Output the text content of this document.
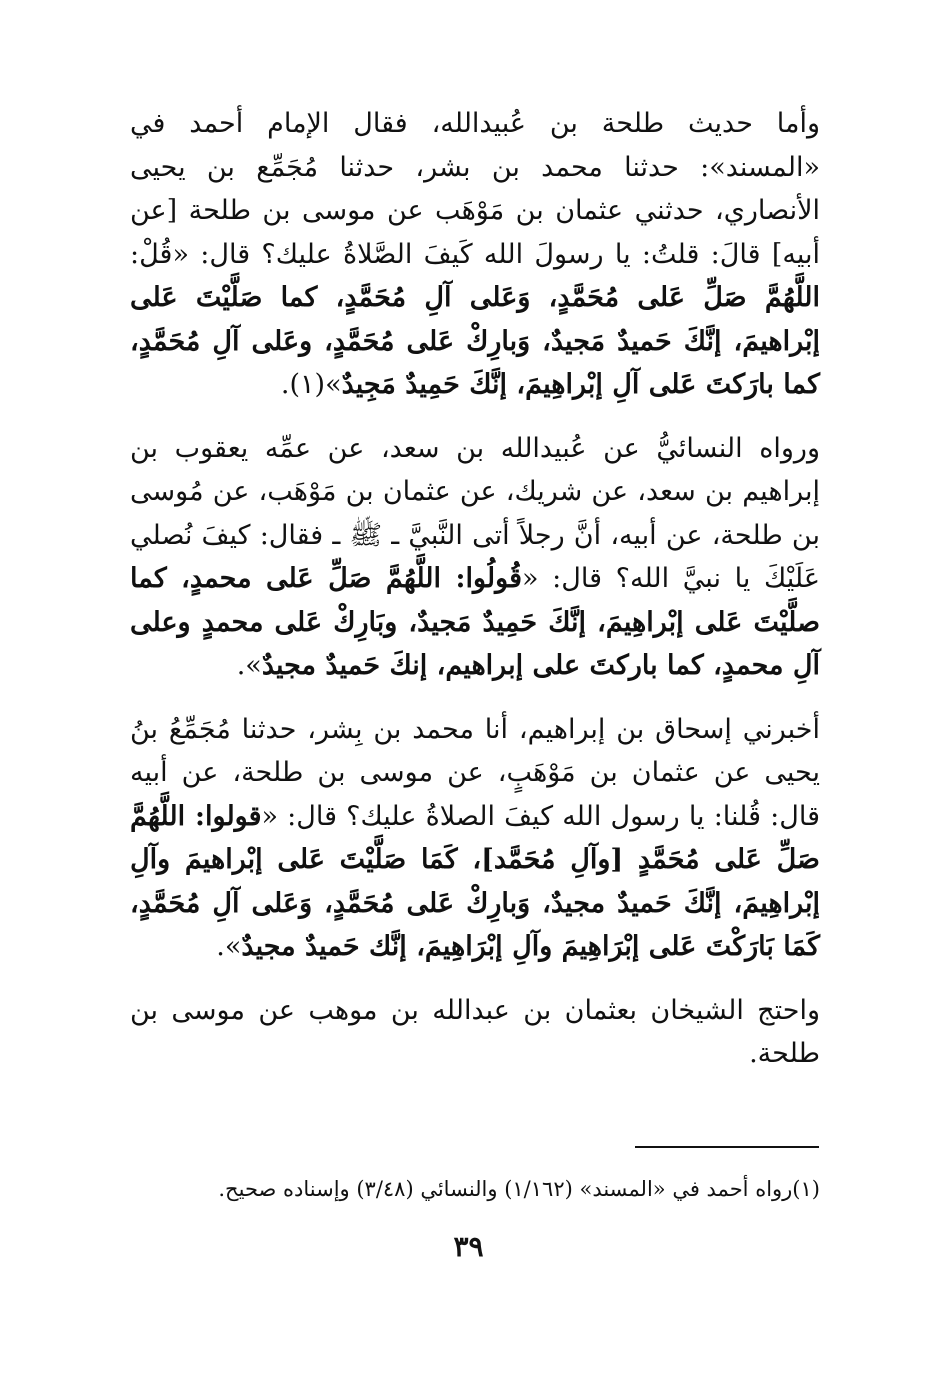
وأما حديث طلحة بن عُبيدالله، فقال الإمام أحمد في «المسند»: حدثنا محمد بن بشر، حدثنا مُجَمِّع بن يحيى الأنصاري، حدثني عثمان بن مَوْهَب عن موسى بن طلحة [عن أبيه] قالَ: قلتُ: يا رسولَ الله كَيفَ الصَّلاةُ عليك؟ قال: «قُلْ: اللَّهُمَّ صَلِّ عَلى مُحَمَّدٍ، وَعَلى آلِ مُحَمَّدٍ، كما صَلَّيْتَ عَلى إبْراهيمَ، إنَّكَ حَميدٌ مَجيدٌ، وَبارِكْ عَلى مُحَمَّدٍ، وعَلى آلِ مُحَمَّدٍ، كما بارَكتَ عَلى آلِ إبْراهِيمَ، إنَّكَ حَمِيدٌ مَجِيدٌ»(١).

ورواه النسائيُّ عن عُبيدالله بن سعد، عن عمِّه يعقوب بن إبراهيم بن سعد، عن شريك، عن عثمان بن مَوْهَب، عن مُوسى بن طلحة، عن أبيه، أنَّ رجلاً أتى النَّبيَّ ـ ﷺ ـ فقال: كيفَ نُصلي عَلَيْكَ يا نبيَّ الله؟ قال: «قُولُوا: اللَّهُمَّ صَلِّ عَلى محمدٍ، كما صلَّيْتَ عَلى إبْراهِيمَ، إنَّكَ حَمِيدٌ مَجيدٌ، وبَارِكْ عَلى محمدٍ وعلى آلِ محمدٍ، كما باركتَ على إبراهيم، إنكَ حَميدٌ مجيدٌ».

أخبرني إسحاق بن إبراهيم، أنا محمد بن بِشر، حدثنا مُجَمِّعُ بنُ يحيى عن عثمان بن مَوْهَبٍ، عن موسى بن طلحة، عن أبيه قال: قُلنا: يا رسول الله كيفَ الصلاةُ عليك؟ قال: «قولوا: اللَّهُمَّ صَلِّ عَلى مُحَمَّدٍ [وآلِ مُحَمَّد]، كَمَا صَلَّيْتَ عَلى إبْراهيمَ وآلِ إبْراهِيمَ، إنَّكَ حَميدٌ مجيدٌ، وَبارِكْ عَلى مُحَمَّدٍ، وَعَلى آلِ مُحَمَّدٍ، كَمَا بَارَكْتَ عَلى إبْرَاهِيمَ وآلِ إبْرَاهِيمَ، إنَّك حَميدٌ مجيدٌ».

واحتج الشيخان بعثمان بن عبدالله بن موهب عن موسى بن طلحة.

(١)رواه أحمد في «المسند» (١/١٦٢) والنسائي (٣/٤٨) وإسناده صحيح.
٣٩
